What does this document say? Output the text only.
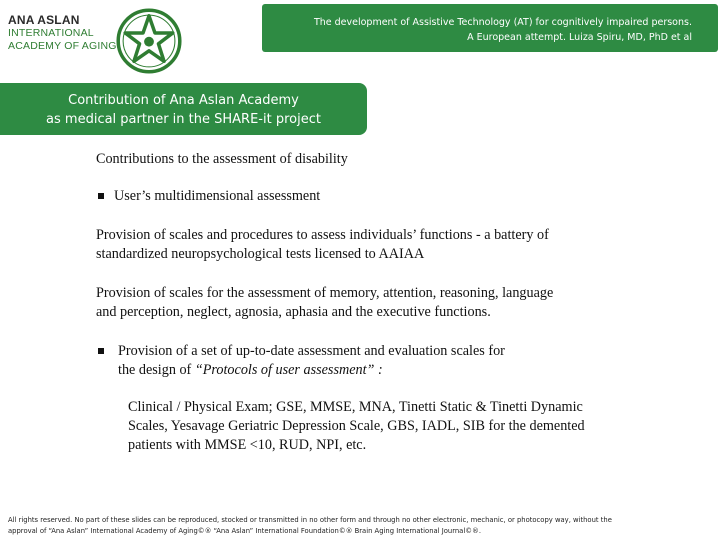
ANA ASLAN
INTERNATIONAL
ACADEMY OF AGING
The development of Assistive Technology (AT) for cognitively impaired persons.
A European attempt. Luiza Spiru, MD, PhD et al
Contribution of Ana Aslan Academy
as medical partner in the SHARE-it project

Contributions to the assessment of disability

User’s multidimensional assessment

Provision of scales and procedures to assess individuals’ functions - a battery of
standardized neuropsychological tests licensed to AAIAA

Provision of scales for the assessment of memory, attention, reasoning, language
and perception, neglect, agnosia, aphasia and the executive functions.

Provision of a set of up-to-date assessment and evaluation scales for
the design of “Protocols of user assessment” :

Clinical / Physical Exam; GSE, MMSE, MNA, Tinetti Static & Tinetti Dynamic
Scales, Yesavage Geriatric Depression Scale, GBS, IADL, SIB for the demented
patients with MMSE <10, RUD, NPI, etc.

All rights reserved. No part of these slides can be reproduced, stocked or transmitted in no other form and through no other electronic, mechanic, or photocopy way, without the
approval of “Ana Aslan” International Academy of Aging©® “Ana Aslan” International Foundation©® Brain Aging International Journal©®.
